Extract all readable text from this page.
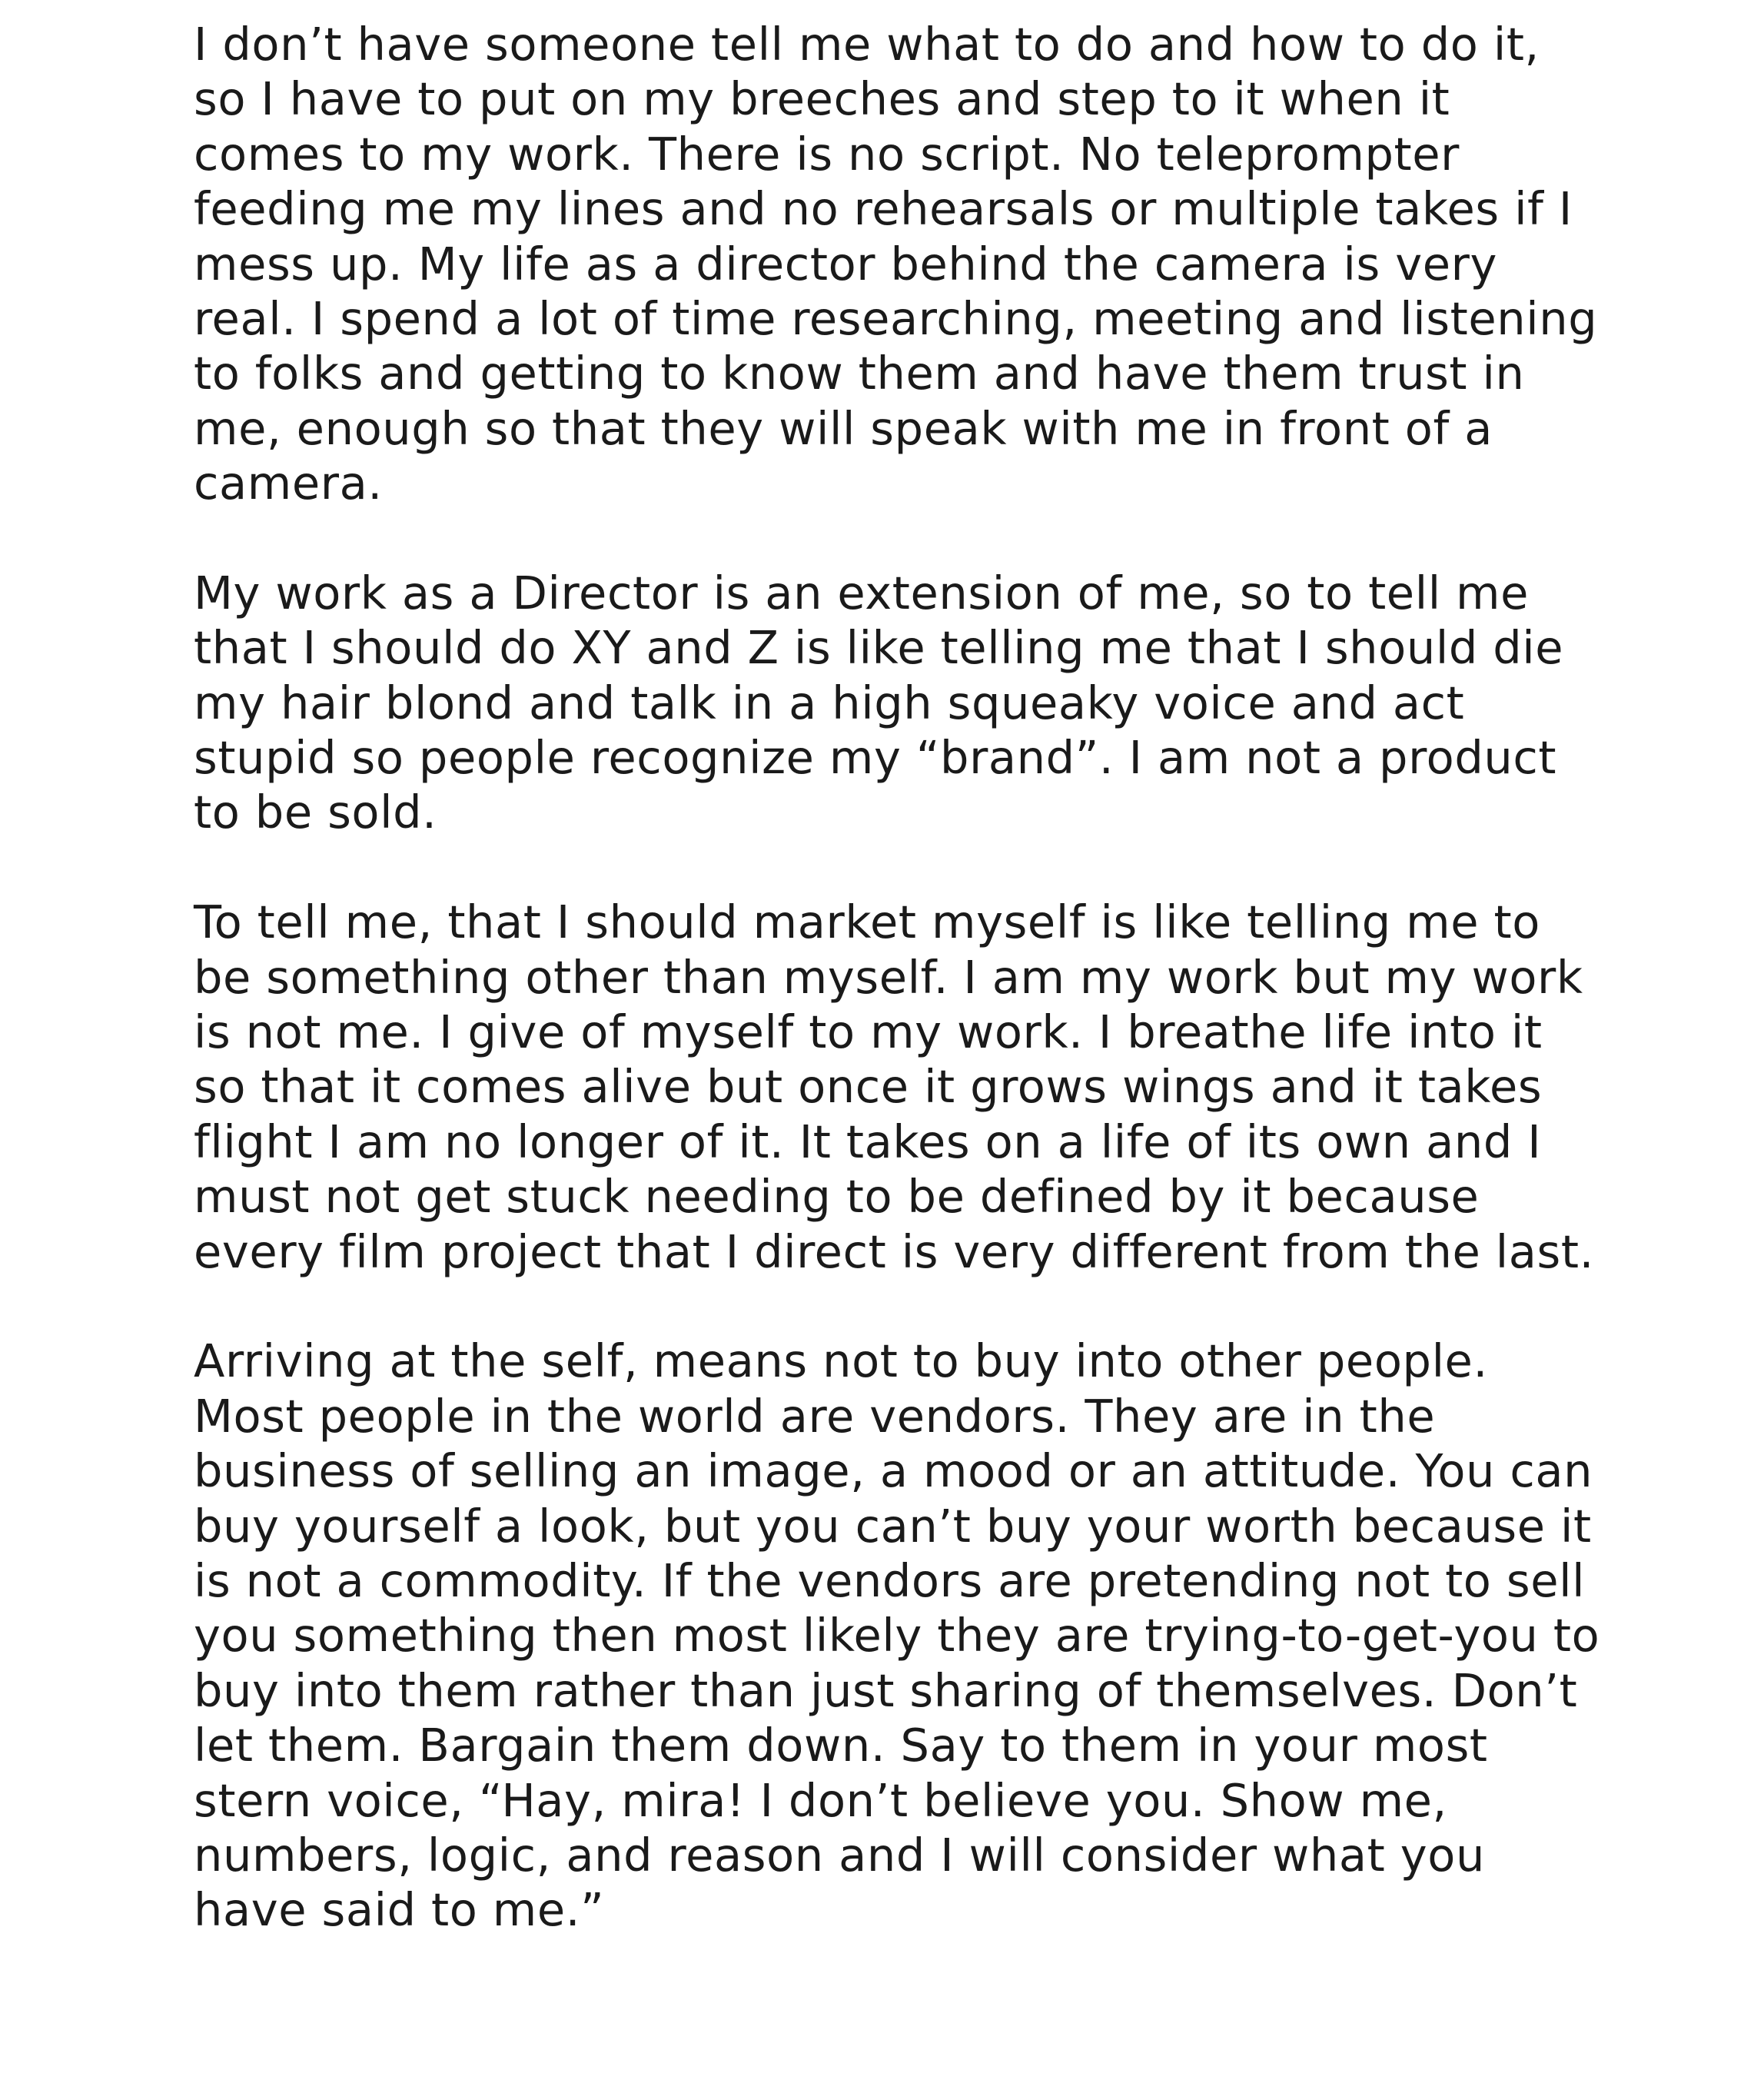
I don’t have someone tell me what to do and how to do it,
so I have to put on my breeches and step to it when it
comes to my work. There is no script. No teleprompter
feeding me my lines and no rehearsals or multiple takes if I
mess up. My life as a director behind the camera is very
real. I spend a lot of time researching, meeting and listening
to folks and getting to know them and have them trust in
me, enough so that they will speak with me in front of a
camera.
My work as a Director is an extension of me, so to tell me
that I should do XY and Z is like telling me that I should die
my hair blond and talk in a high squeaky voice and act
stupid so people recognize my “brand”. I am not a product
to be sold.
To tell me, that I should market myself is like telling me to
be something other than myself. I am my work but my work
is not me. I give of myself to my work. I breathe life into it
so that it comes alive but once it grows wings and it takes
flight I am no longer of it. It takes on a life of its own and I
must not get stuck needing to be defined by it because
every film project that I direct is very different from the last.
Arriving at the self, means not to buy into other people.
Most people in the world are vendors. They are in the
business of selling an image, a mood or an attitude. You can
buy yourself a look, but you can’t buy your worth because it
is not a commodity. If the vendors are pretending not to sell
you something then most likely they are trying-to-get-you to
buy into them rather than just sharing of themselves. Don’t
let them. Bargain them down. Say to them in your most
stern voice, “Hay, mira! I don’t believe you. Show me,
numbers, logic, and reason and I will consider what you
have said to me.”
